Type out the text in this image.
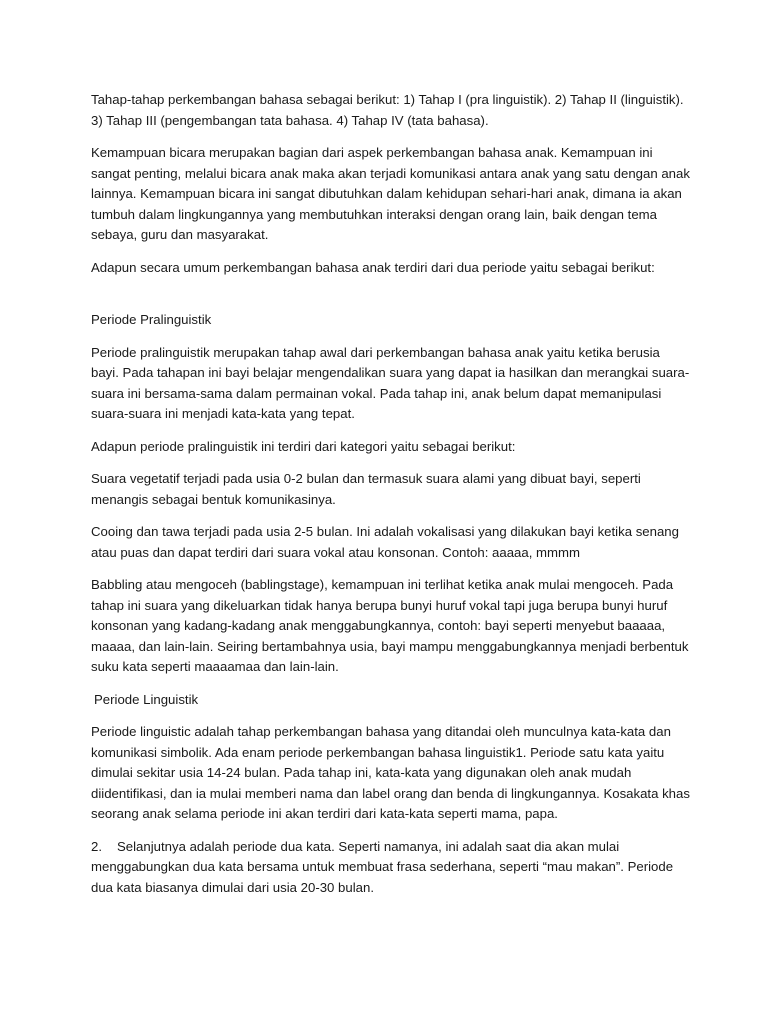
Tahap-tahap perkembangan bahasa sebagai berikut: 1) Tahap I (pra linguistik). 2) Tahap II (linguistik). 3) Tahap III (pengembangan tata bahasa. 4) Tahap IV (tata bahasa).

Kemampuan bicara merupakan bagian dari aspek perkembangan bahasa anak. Kemampuan ini sangat penting, melalui bicara anak maka akan terjadi komunikasi antara anak yang satu dengan anak lainnya. Kemampuan bicara ini sangat dibutuhkan dalam kehidupan sehari-hari anak, dimana ia akan tumbuh dalam lingkungannya yang membutuhkan interaksi dengan orang lain, baik dengan tema sebaya, guru dan masyarakat.

Adapun secara umum perkembangan bahasa anak terdiri dari dua periode yaitu sebagai berikut:

Periode Pralinguistik

Periode pralinguistik merupakan tahap awal dari perkembangan bahasa anak yaitu ketika berusia bayi. Pada tahapan ini bayi belajar mengendalikan suara yang dapat ia hasilkan dan merangkai suara-suara ini bersama-sama dalam permainan vokal. Pada tahap ini, anak belum dapat memanipulasi suara-suara ini menjadi kata-kata yang tepat.

Adapun periode pralinguistik ini terdiri dari kategori yaitu sebagai berikut:

Suara vegetatif terjadi pada usia 0-2 bulan dan termasuk suara alami yang dibuat bayi, seperti menangis sebagai bentuk komunikasinya.

Cooing dan tawa terjadi pada usia 2-5 bulan. Ini adalah vokalisasi yang dilakukan bayi ketika senang atau puas dan dapat terdiri dari suara vokal atau konsonan. Contoh: aaaaa, mmmm

Babbling atau mengoceh (bablingstage), kemampuan ini terlihat ketika anak mulai mengoceh. Pada tahap ini suara yang dikeluarkan tidak hanya berupa bunyi huruf vokal tapi juga berupa bunyi huruf konsonan yang kadang-kadang anak menggabungkannya, contoh: bayi seperti menyebut baaaaa, maaaa, dan lain-lain. Seiring bertambahnya usia, bayi mampu menggabungkannya menjadi berbentuk suku kata seperti maaaamaa dan lain-lain.

Periode Linguistik

Periode linguistic adalah tahap perkembangan bahasa yang ditandai oleh munculnya kata-kata dan komunikasi simbolik. Ada enam periode perkembangan bahasa linguistik1. Periode satu kata yaitu dimulai sekitar usia 14-24 bulan. Pada tahap ini, kata-kata yang digunakan oleh anak mudah diidentifikasi, dan ia mulai memberi nama dan label orang dan benda di lingkungannya. Kosakata khas seorang anak selama periode ini akan terdiri dari kata-kata seperti mama, papa.

2. Selanjutnya adalah periode dua kata. Seperti namanya, ini adalah saat dia akan mulai menggabungkan dua kata bersama untuk membuat frasa sederhana, seperti “mau makan”. Periode dua kata biasanya dimulai dari usia 20-30 bulan.
